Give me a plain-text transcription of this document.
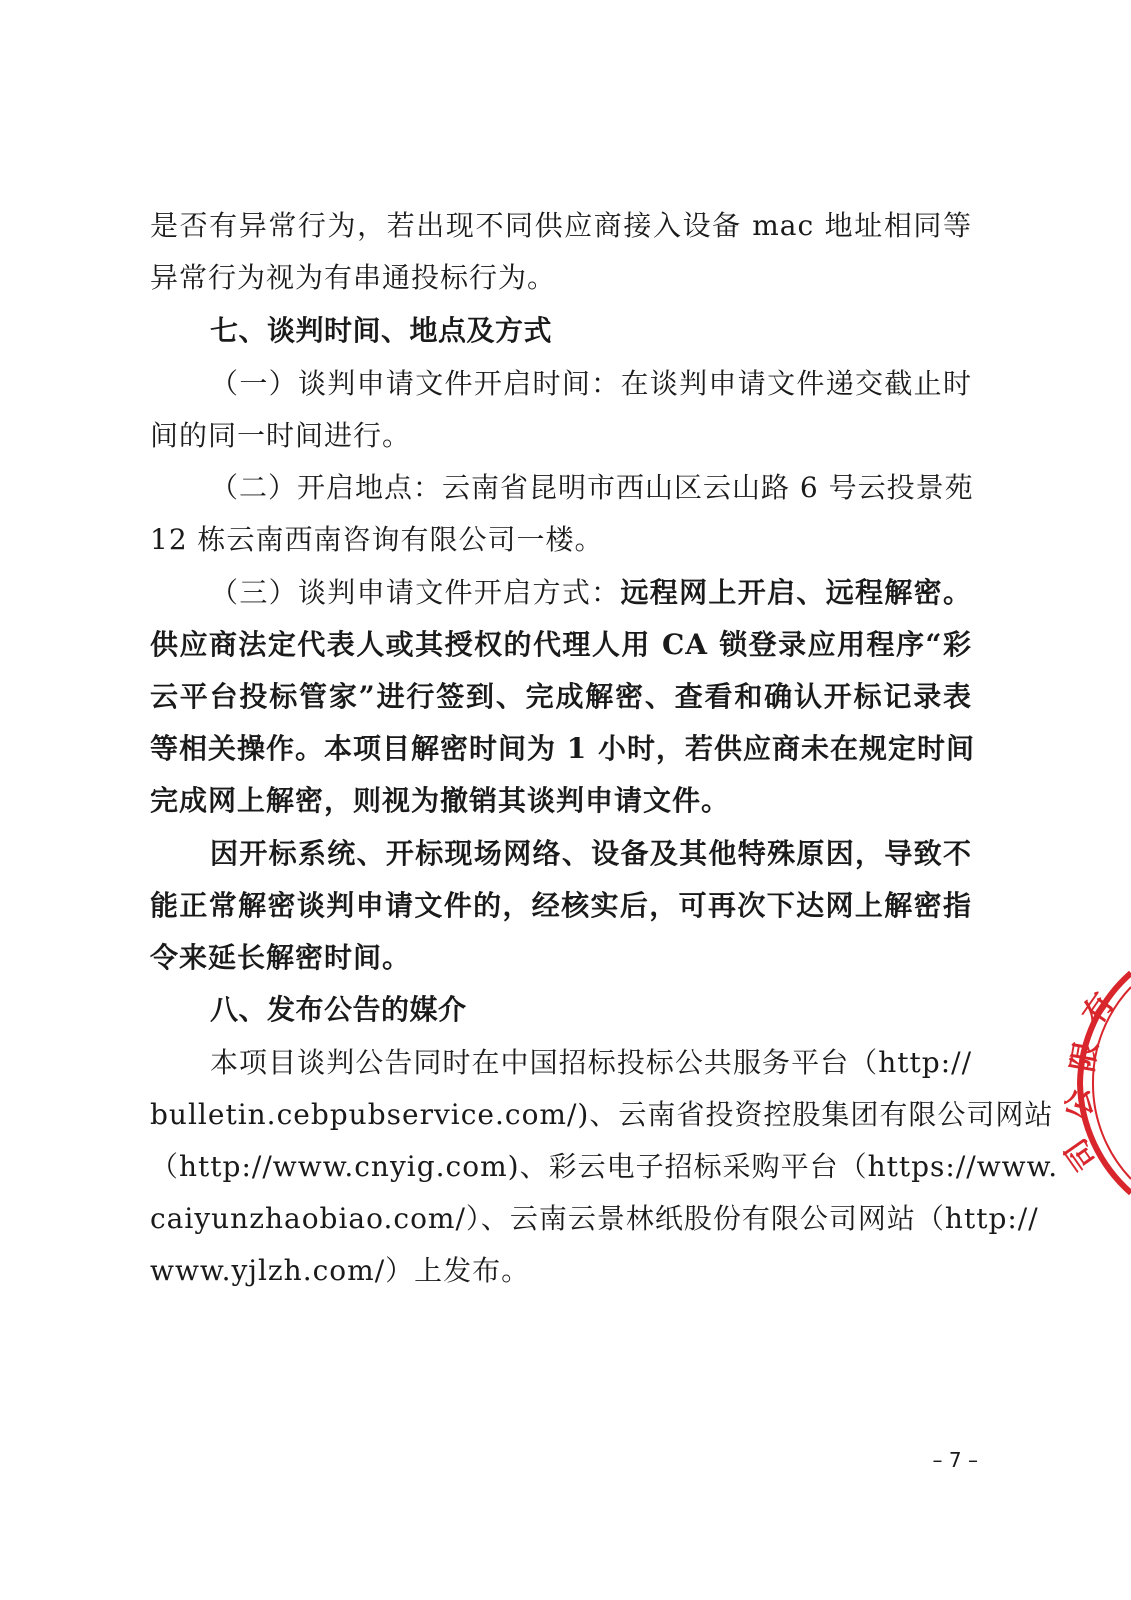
是否有异常行为，若出现不同供应商接入设备 mac 地址相同等
异常行为视为有串通投标行为。
七、谈判时间、地点及方式
（一）谈判申请文件开启时间：在谈判申请文件递交截止时
间的同一时间进行。
（二）开启地点：云南省昆明市西山区云山路 6 号云投景苑
12 栋云南西南咨询有限公司一楼。
（三）谈判申请文件开启方式：远程网上开启、远程解密。
供应商法定代表人或其授权的代理人用 CA 锁登录应用程序“彩
云平台投标管家”进行签到、完成解密、查看和确认开标记录表
等相关操作。本项目解密时间为 1 小时，若供应商未在规定时间
完成网上解密，则视为撤销其谈判申请文件。
因开标系统、开标现场网络、设备及其他特殊原因，导致不
能正常解密谈判申请文件的，经核实后，可再次下达网上解密指
令来延长解密时间。
八、发布公告的媒介
本项目谈判公告同时在中国招标投标公共服务平台（http://
bulletin.cebpubservice.com/)、云南省投资控股集团有限公司网站
（http://www.cnyig.com)、彩云电子招标采购平台（https://www.
caiyunzhaobiao.com/）、云南云景林纸股份有限公司网站（http://
www.yjlzh.com/）上发布。
– 7 –
有
限
公
司
